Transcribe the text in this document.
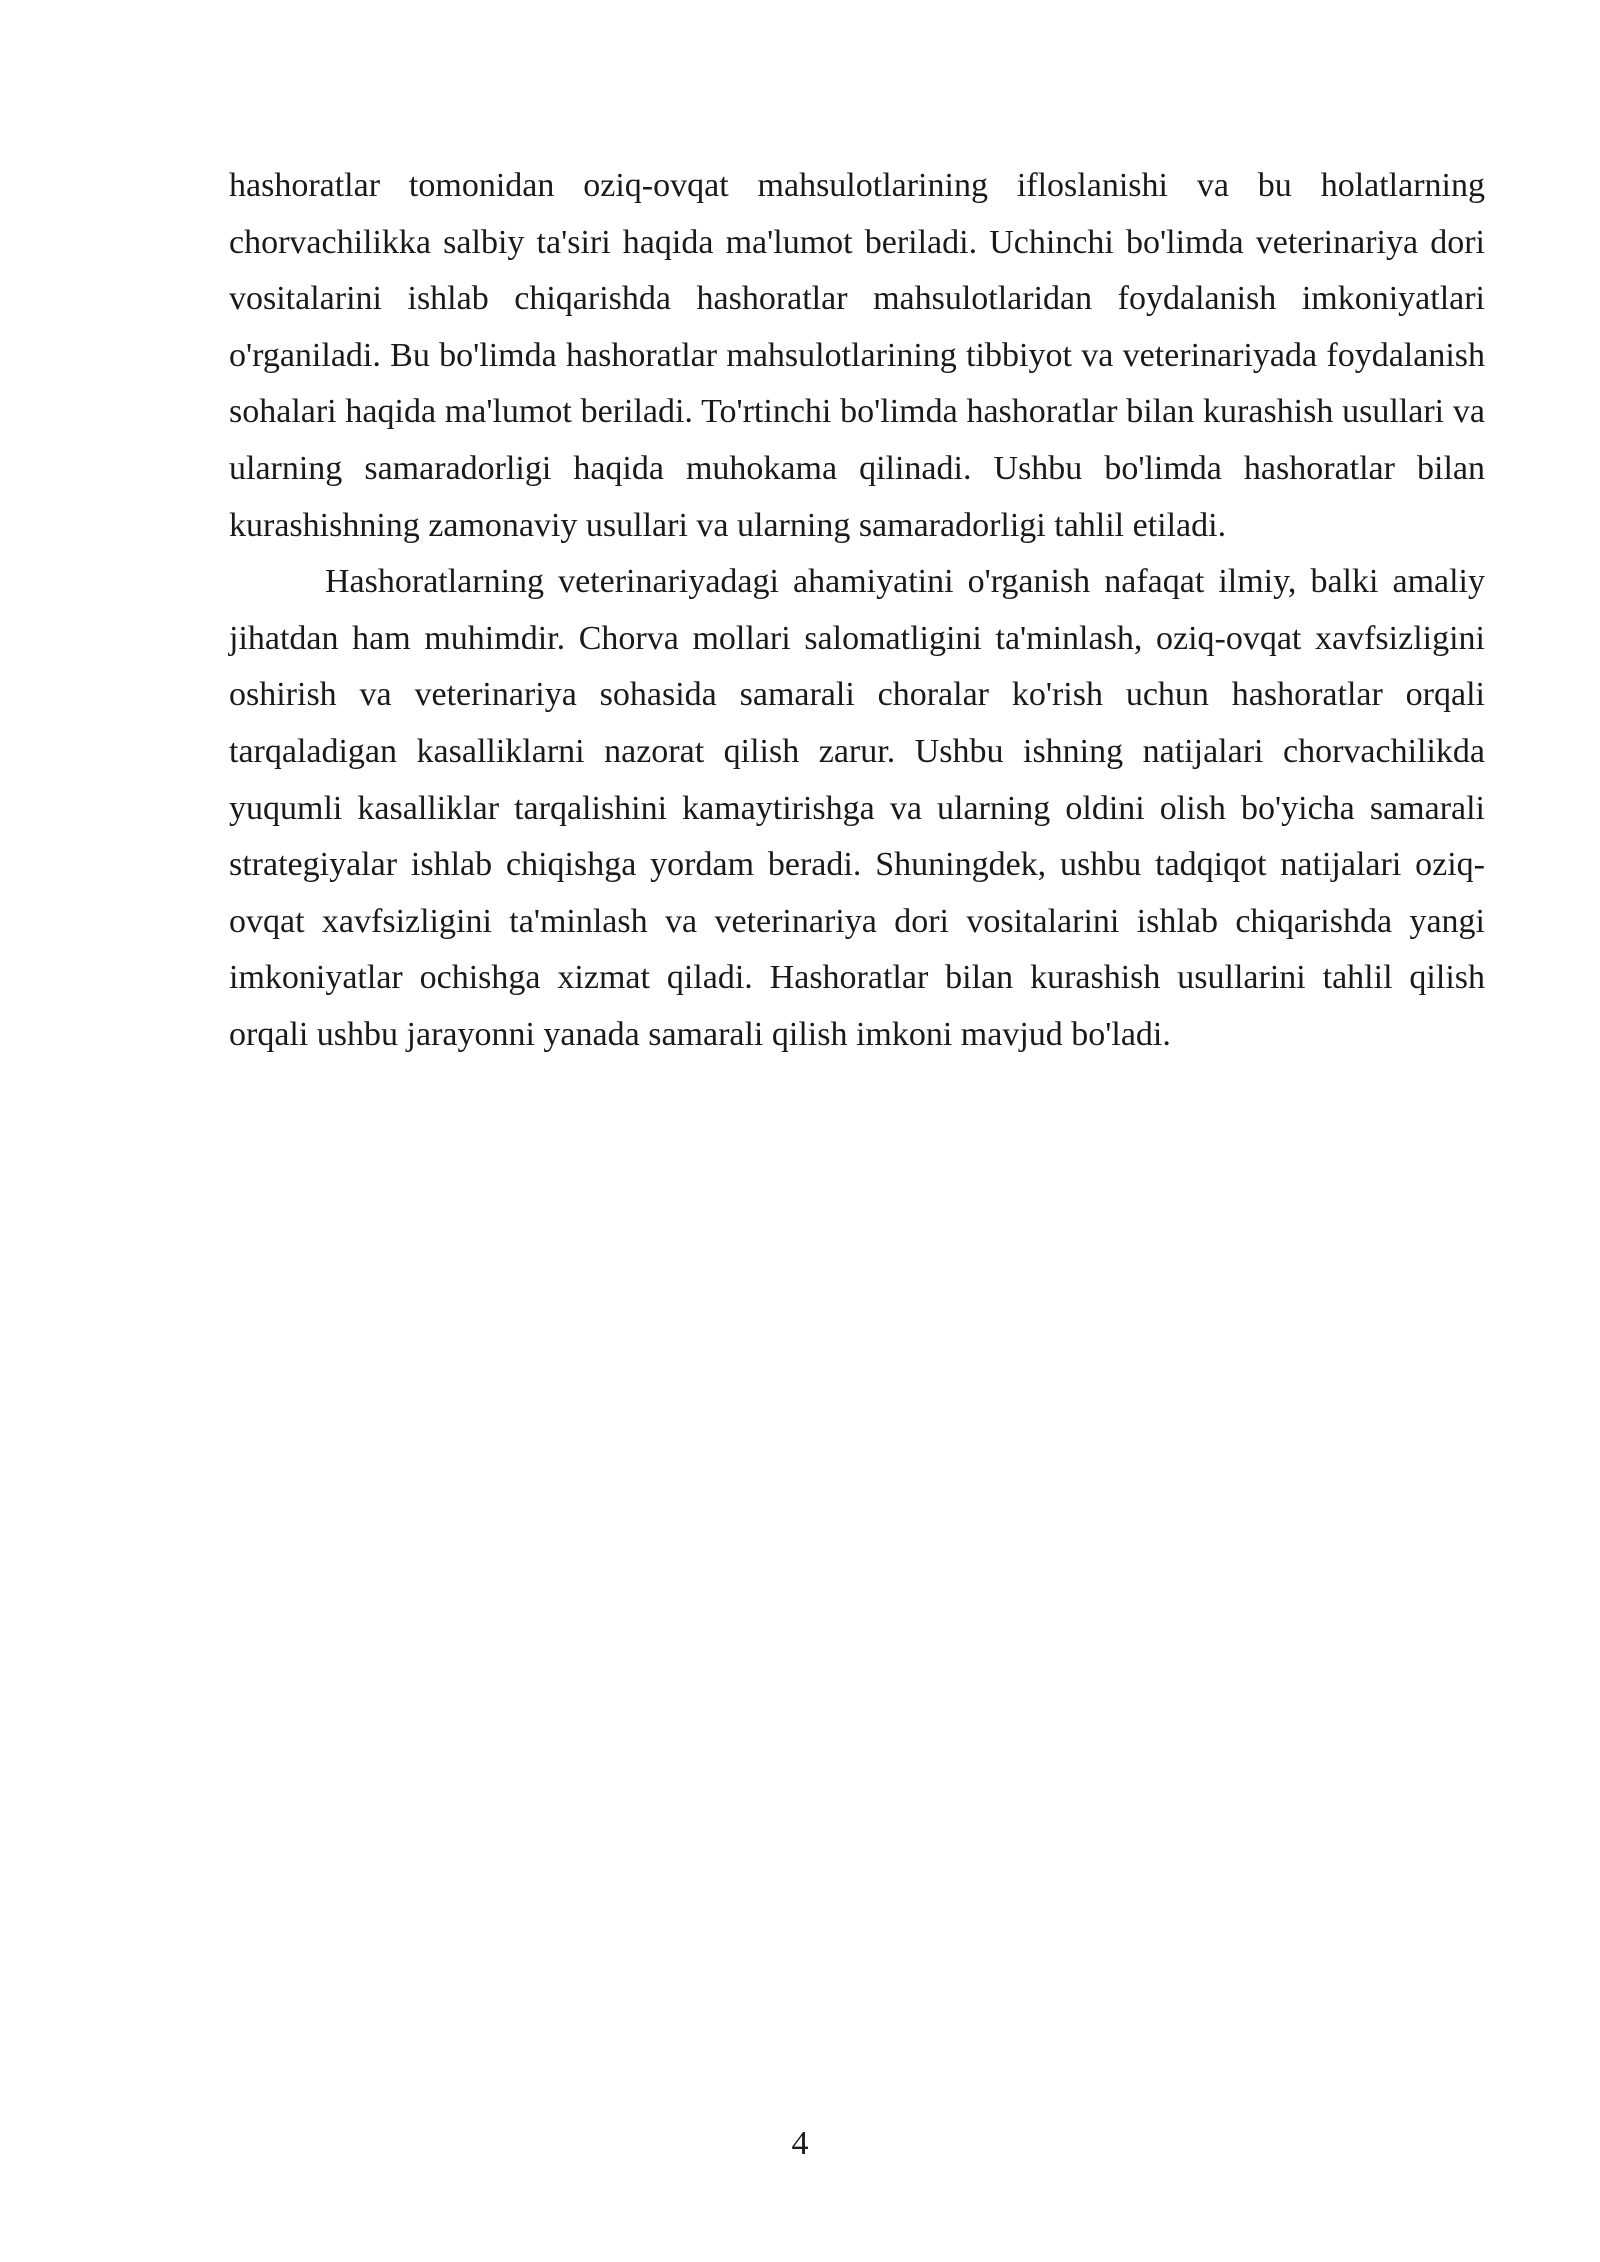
hashoratlar tomonidan oziq-ovqat mahsulotlarining ifloslanishi va bu holatlarning chorvachilikka salbiy ta'siri haqida ma'lumot beriladi. Uchinchi bo'limda veterinariya dori vositalarini ishlab chiqarishda hashoratlar mahsulotlaridan foydalanish imkoniyatlari o'rganiladi. Bu bo'limda hashoratlar mahsulotlarining tibbiyot va veterinariyada foydalanish sohalari haqida ma'lumot beriladi. To'rtinchi bo'limda hashoratlar bilan kurashish usullari va ularning samaradorligi haqida muhokama qilinadi. Ushbu bo'limda hashoratlar bilan kurashishning zamonaviy usullari va ularning samaradorligi tahlil etiladi.

Hashoratlarning veterinariyadagi ahamiyatini o'rganish nafaqat ilmiy, balki amaliy jihatdan ham muhimdir. Chorva mollari salomatligini ta'minlash, oziq-ovqat xavfsizligini oshirish va veterinariya sohasida samarali choralar ko'rish uchun hashoratlar orqali tarqaladigan kasalliklarni nazorat qilish zarur. Ushbu ishning natijalari chorvachilikda yuqumli kasalliklar tarqalishini kamaytirishga va ularning oldini olish bo'yicha samarali strategiyalar ishlab chiqishga yordam beradi. Shuningdek, ushbu tadqiqot natijalari oziq-ovqat xavfsizligini ta'minlash va veterinariya dori vositalarini ishlab chiqarishda yangi imkoniyatlar ochishga xizmat qiladi. Hashoratlar bilan kurashish usullarini tahlil qilish orqali ushbu jarayonni yanada samarali qilish imkoni mavjud bo'ladi.

4
